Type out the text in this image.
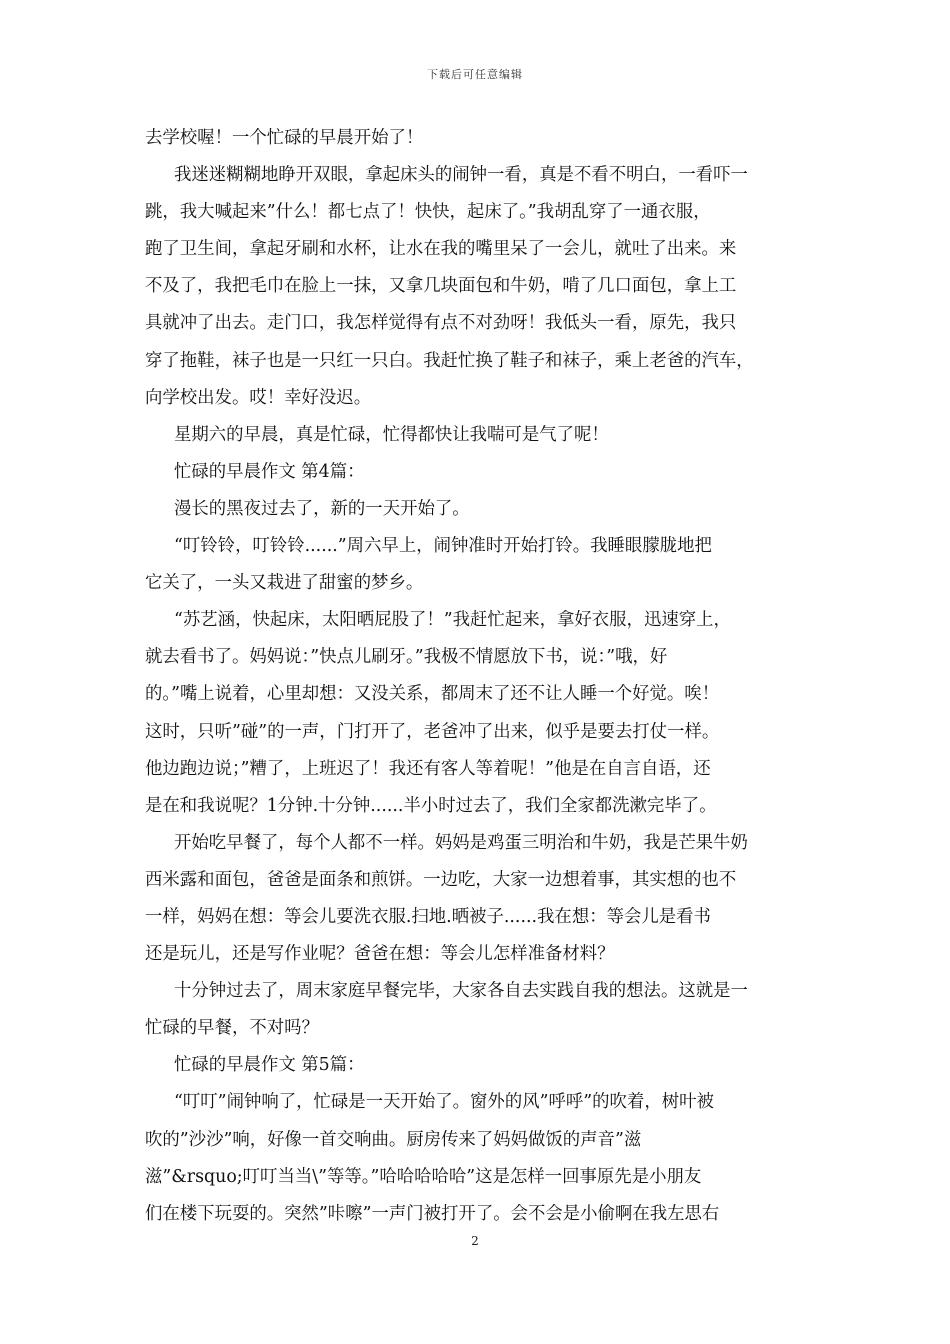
下载后可任意编辑
去学校喔！一个忙碌的早晨开始了！
我迷迷糊糊地睁开双眼，拿起床头的闹钟一看，真是不看不明白，一看吓一
跳，我大喊起来”什么！都七点了！快快，起床了。”我胡乱穿了一通衣服，
跑了卫生间，拿起牙刷和水杯，让水在我的嘴里呆了一会儿，就吐了出来。来
不及了，我把毛巾在脸上一抹，又拿几块面包和牛奶，啃了几口面包，拿上工
具就冲了出去。走门口，我怎样觉得有点不对劲呀！我低头一看，原先，我只
穿了拖鞋，袜子也是一只红一只白。我赶忙换了鞋子和袜子，乘上老爸的汽车，
向学校出发。哎！幸好没迟。
星期六的早晨，真是忙碌，忙得都快让我喘可是气了呢！
忙碌的早晨作文 第4篇：
漫长的黑夜过去了，新的一天开始了。
“叮铃铃，叮铃铃......”周六早上，闹钟准时开始打铃。我睡眼朦胧地把
它关了，一头又栽进了甜蜜的梦乡。
“苏艺涵，快起床，太阳晒屁股了！”我赶忙起来，拿好衣服，迅速穿上，
就去看书了。妈妈说：”快点儿刷牙。”我极不情愿放下书，说：”哦，好
的。”嘴上说着，心里却想：又没关系，都周末了还不让人睡一个好觉。唉！
这时，只听”碰”的一声，门打开了，老爸冲了出来，似乎是要去打仗一样。
他边跑边说；”糟了，上班迟了！我还有客人等着呢！”他是在自言自语，还
是在和我说呢？1分钟.十分钟......半小时过去了，我们全家都洗漱完毕了。
开始吃早餐了，每个人都不一样。妈妈是鸡蛋三明治和牛奶，我是芒果牛奶
西米露和面包，爸爸是面条和煎饼。一边吃，大家一边想着事，其实想的也不
一样，妈妈在想：等会儿要洗衣服.扫地.晒被子......我在想：等会儿是看书
还是玩儿，还是写作业呢？爸爸在想：等会儿怎样准备材料？
十分钟过去了，周末家庭早餐完毕，大家各自去实践自我的想法。这就是一
忙碌的早餐，不对吗？
忙碌的早晨作文 第5篇：
“叮叮”闹钟响了，忙碌是一天开始了。窗外的风”呼呼”的吹着，树叶被
吹的”沙沙”响，好像一首交响曲。厨房传来了妈妈做饭的声音”滋
滋”&rsquo;叮叮当当\”等等。”哈哈哈哈哈”这是怎样一回事原先是小朋友
们在楼下玩耍的。突然”咔嚓”一声门被打开了。会不会是小偷啊在我左思右
2
